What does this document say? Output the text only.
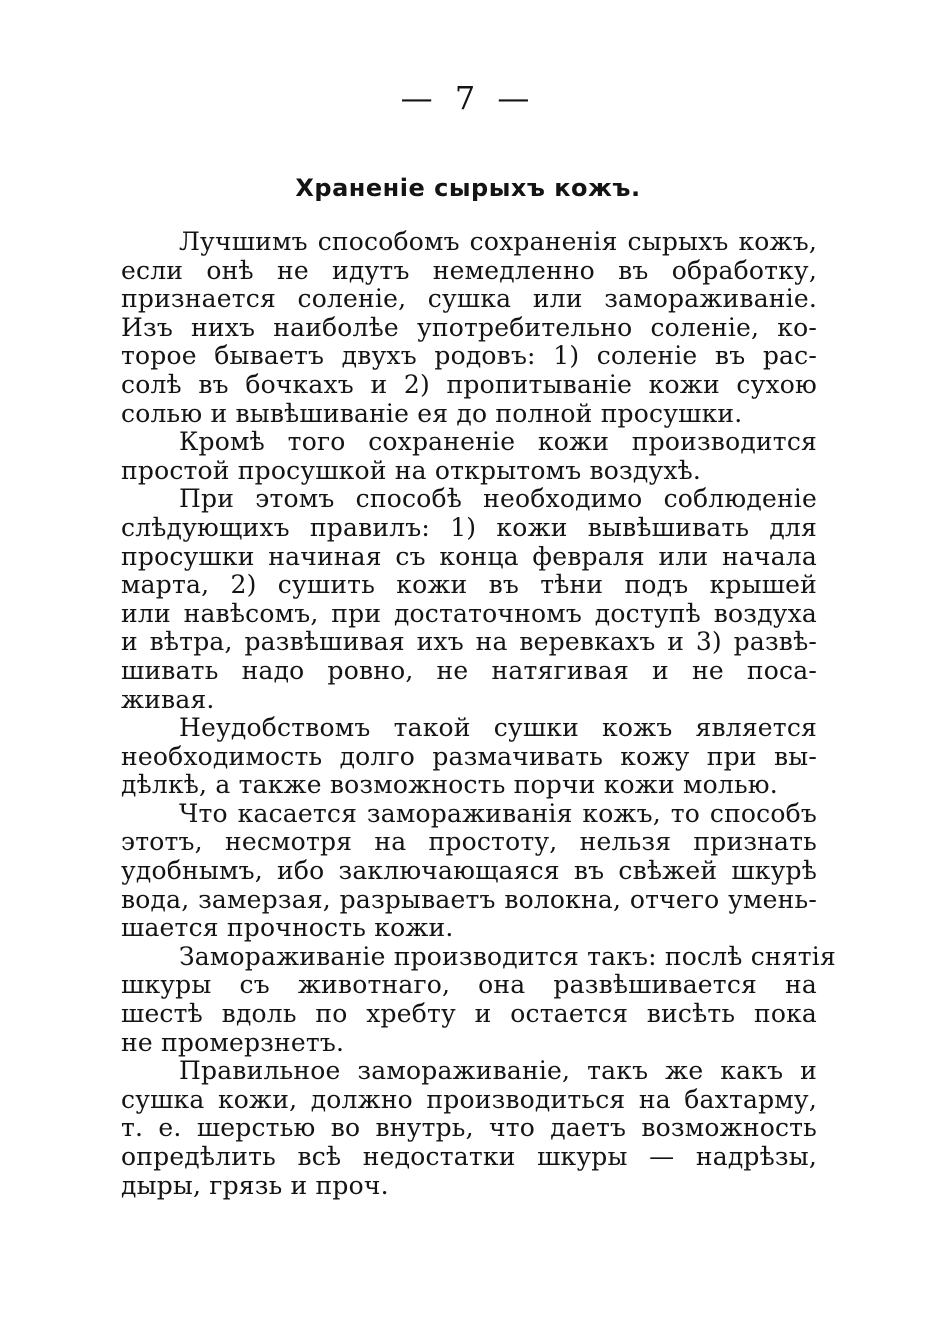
— 7 —
Храненіе сырыхъ кожъ.
Лучшимъ способомъ сохраненія сырыхъ кожъ,
если онѣ не идутъ немедленно въ обработку,
признается соленіе, сушка или замораживаніе.
Изъ нихъ наиболѣе употребительно соленіе, ко-
торое бываетъ двухъ родовъ: 1) соленіе въ рас-
солѣ въ бочкахъ и 2) пропитываніе кожи сухою
солью и вывѣшиваніе ея до полной просушки.
Кромѣ того сохраненіе кожи производится
простой просушкой на открытомъ воздухѣ.
При этомъ способѣ необходимо соблюденіе
слѣдующихъ правилъ: 1) кожи вывѣшивать для
просушки начиная съ конца февраля или начала
марта, 2) сушить кожи въ тѣни подъ крышей
или навѣсомъ, при достаточномъ доступѣ воздуха
и вѣтра, развѣшивая ихъ на веревкахъ и 3) развѣ-
шивать надо ровно, не натягивая и не поса-
живая.
Неудобствомъ такой сушки кожъ является
необходимость долго размачивать кожу при вы-
дѣлкѣ, а также возможность порчи кожи молью.
Что касается замораживанія кожъ, то способъ
этотъ, несмотря на простоту, нельзя признать
удобнымъ, ибо заключающаяся въ свѣжей шкурѣ
вода, замерзая, разрываетъ волокна, отчего умень-
шается прочность кожи.
Замораживаніе производится такъ: послѣ снятія
шкуры съ животнаго, она развѣшивается на
шестѣ вдоль по хребту и остается висѣть пока
не промерзнетъ.
Правильное замораживаніе, такъ же какъ и
сушка кожи, должно производиться на бахтарму,
т. е. шерстью во внутрь, что даетъ возможность
опредѣлить всѣ недостатки шкуры — надрѣзы,
дыры, грязь и проч.
